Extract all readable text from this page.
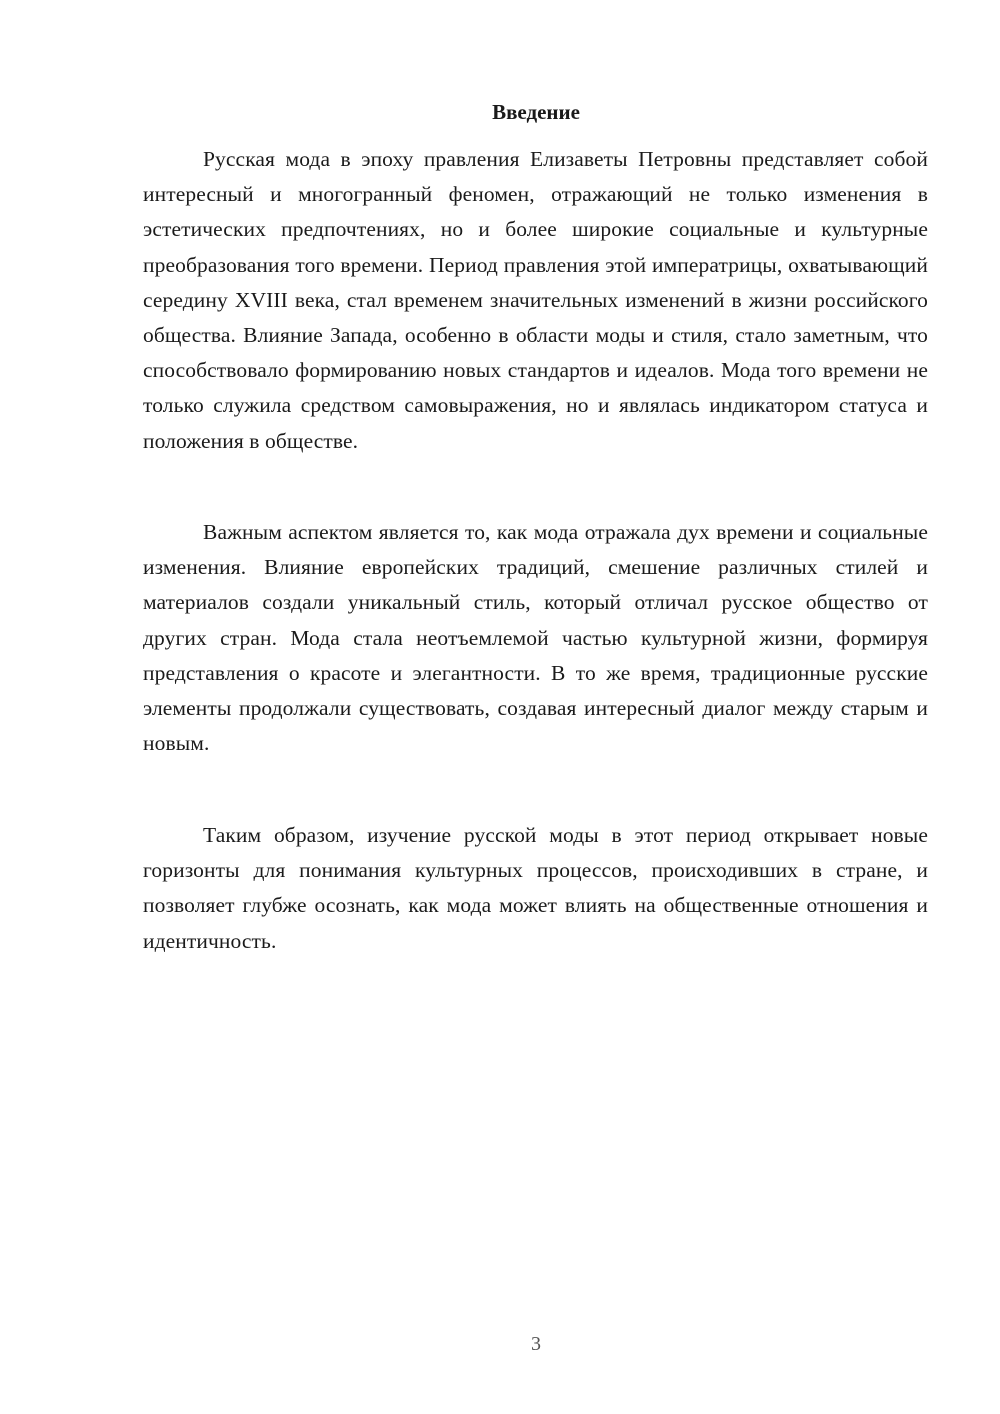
Введение

Русская мода в эпоху правления Елизаветы Петровны представляет собой интересный и многогранный феномен, отражающий не только изменения в эстетических предпочтениях, но и более широкие социальные и культурные преобразования того времени. Период правления этой императрицы, охватывающий середину XVIII века, стал временем значительных изменений в жизни российского общества. Влияние Запада, особенно в области моды и стиля, стало заметным, что способствовало формированию новых стандартов и идеалов. Мода того времени не только служила средством самовыражения, но и являлась индикатором статуса и положения в обществе.

Важным аспектом является то, как мода отражала дух времени и социальные изменения. Влияние европейских традиций, смешение различных стилей и материалов создали уникальный стиль, который отличал русское общество от других стран. Мода стала неотъемлемой частью культурной жизни, формируя представления о красоте и элегантности. В то же время, традиционные русские элементы продолжали существовать, создавая интересный диалог между старым и новым.

Таким образом, изучение русской моды в этот период открывает новые горизонты для понимания культурных процессов, происходивших в стране, и позволяет глубже осознать, как мода может влиять на общественные отношения и идентичность.

3
